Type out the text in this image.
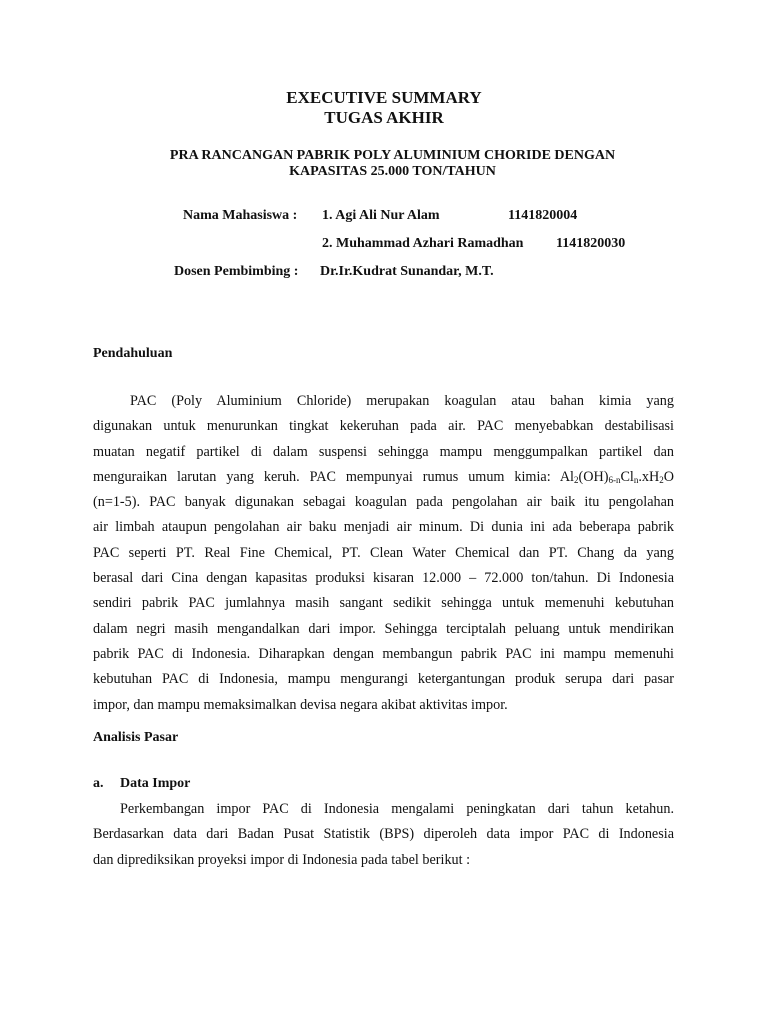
EXECUTIVE SUMMARY
TUGAS AKHIR
PRA RANCANGAN PABRIK POLY ALUMINIUM CHORIDE DENGAN
KAPASITAS 25.000 TON/TAHUN
Nama Mahasiswa : 1. Agi Ali Nur Alam	1141820004
2. Muhammad Azhari Ramadhan 1141820030
Dosen Pembimbing : Dr.Ir.Kudrat Sunandar, M.T.
Pendahuluan
PAC (Poly Aluminium Chloride) merupakan koagulan atau bahan kimia yang
digunakan untuk menurunkan tingkat kekeruhan pada air. PAC menyebabkan destabilisasi
muatan negatif partikel di dalam suspensi sehingga mampu menggumpalkan partikel dan
menguraikan larutan yang keruh. PAC mempunyai rumus umum kimia: $Al_2(OH)_{6-n}Cl_n.xH_2O$
(n=1-5). PAC banyak digunakan sebagai koagulan pada pengolahan air baik itu pengolahan
air limbah ataupun pengolahan air baku menjadi air minum. Di dunia ini ada beberapa pabrik
PAC seperti PT. Real Fine Chemical, PT. Clean Water Chemical dan PT. Chang da yang
berasal dari Cina dengan kapasitas produksi kisaran 12.000 – 72.000 ton/tahun. Di Indonesia
sendiri pabrik PAC jumlahnya masih sangant sedikit sehingga untuk memenuhi kebutuhan
dalam negri masih mengandalkan dari impor. Sehingga terciptalah peluang untuk mendirikan
pabrik PAC di Indonesia. Diharapkan dengan membangun pabrik PAC ini mampu memenuhi
kebutuhan PAC di Indonesia, mampu mengurangi ketergantungan produk serupa dari pasar
impor, dan mampu memaksimalkan devisa negara akibat aktivitas impor.
Analisis Pasar
a. Data Impor
Perkembangan impor PAC di Indonesia mengalami peningkatan dari tahun ketahun.
Berdasarkan data dari Badan Pusat Statistik (BPS) diperoleh data impor PAC di Indonesia
dan diprediksikan proyeksi impor di Indonesia pada tabel berikut :
